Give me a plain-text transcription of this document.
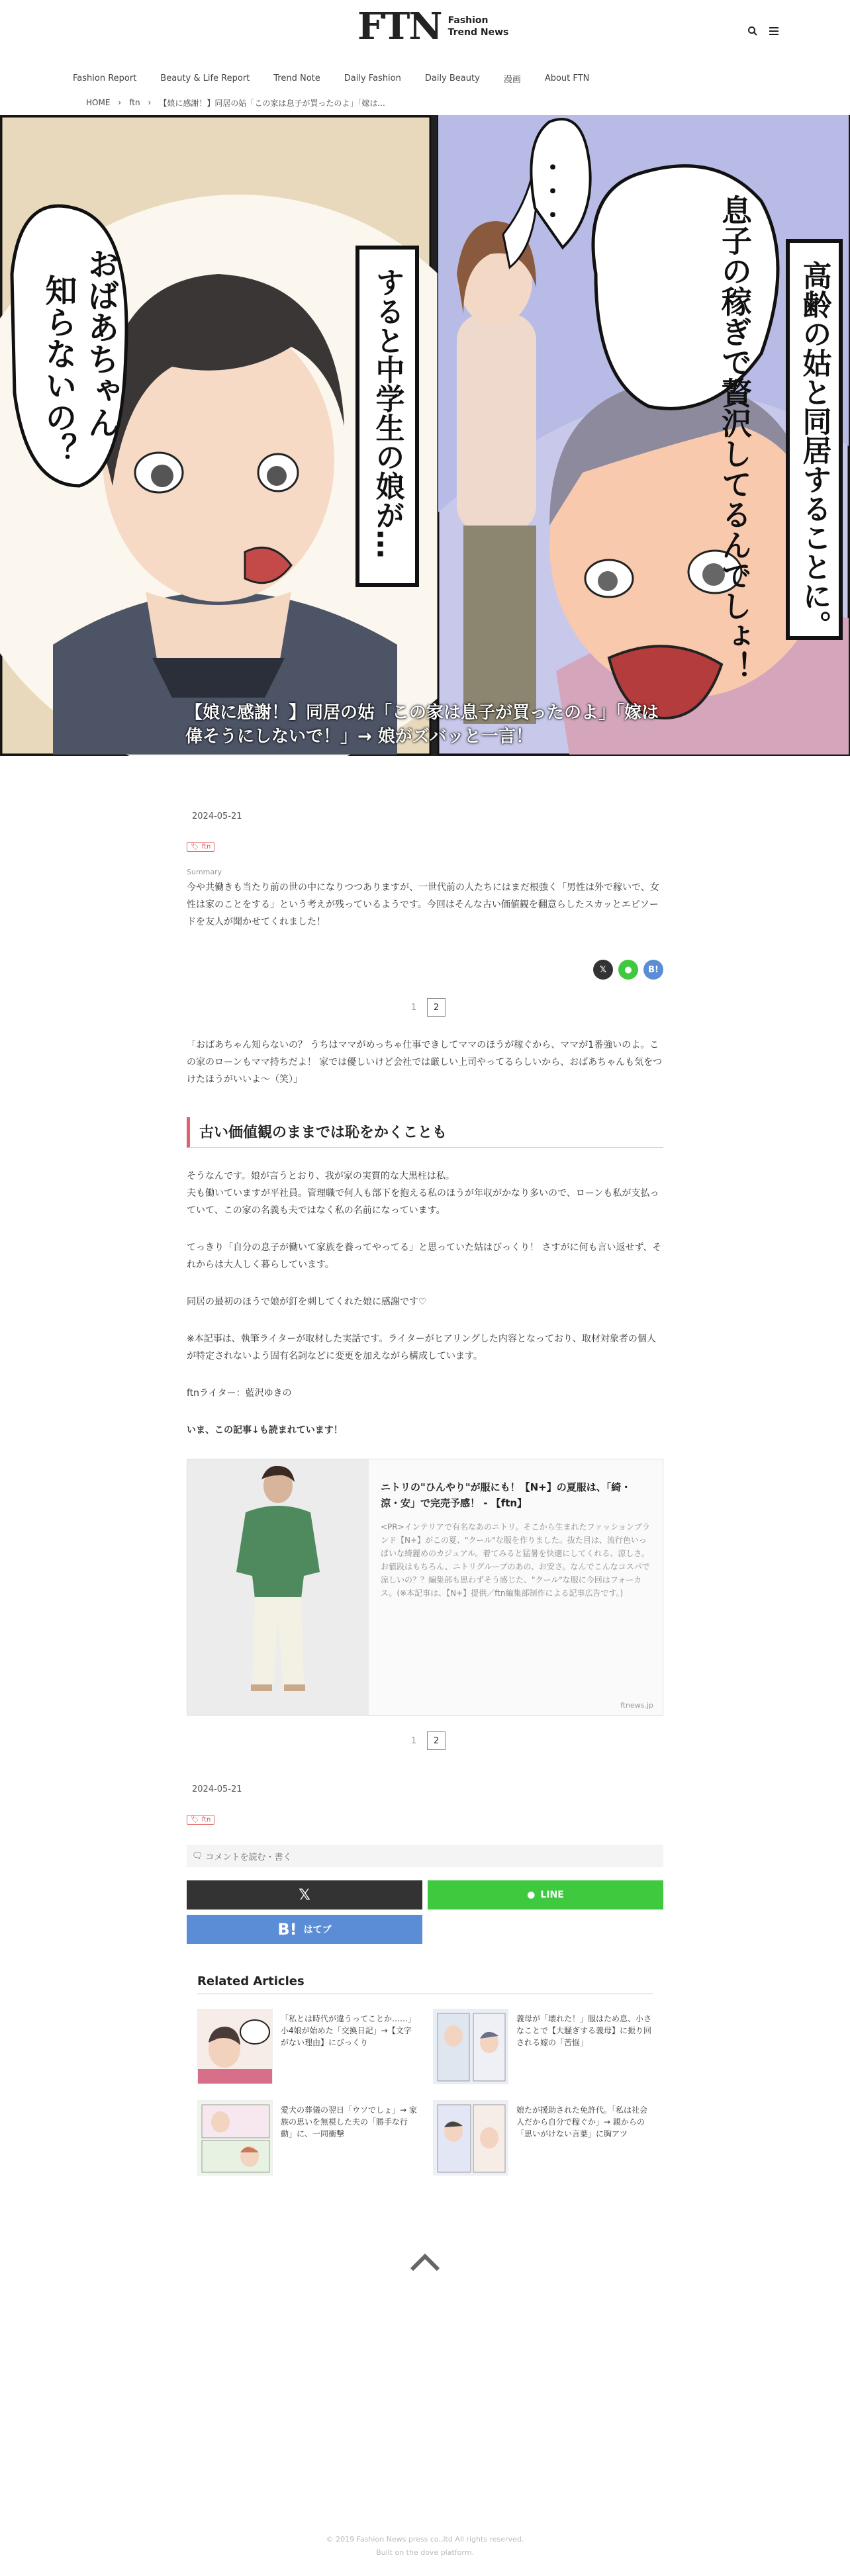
FTN Fashion
Trend News
Fashion Report	Beauty & Life Report	Trend Note	Daily Fashion	Daily Beauty	漫画	About FTN
HOME › ftn › 【娘に感謝！】同居の姑「この家は息子が買ったのよ」「嫁は...
おばあちゃん
知らないの？	すると中学生の娘が…
・・・
息子の稼ぎで贅沢してるんでしょ！ 高齢の姑と同居することに。
【娘に感謝！】同居の姑「この家は息子が買ったのよ」「嫁は偉そうにしないで！」→ 娘がズバッと一言！
2024-05-21
🏷 ftn
Summary

今や共働きも当たり前の世の中になりつつありますが、一世代前の人たちにはまだ根強く「男性は外で稼いで、女性は家のことをする」という考えが残っているようです。今回はそんな古い価値観を翻意らしたスカッとエピソードを友人が聞かせてくれました！

𝕏	●	B!
1	2

「おばあちゃん知らないの？ うちはママがめっちゃ仕事できしてママのほうが稼ぐから、ママが1番強いのよ。この家のローンもママ持ちだよ！ 家では優しいけど会社では厳しい上司やってるらしいから、おばあちゃんも気をつけたほうがいいよ〜（笑）」

古い価値観のままでは恥をかくことも

そうなんです。娘が言うとおり、我が家の実質的な大黒柱は私。
夫も働いていますが平社員。管理職で何人も部下を抱える私のほうが年収がかなり多いので、ローンも私が支払っていて、この家の名義も夫ではなく私の名前になっています。

てっきり「自分の息子が働いて家族を養ってやってる」と思っていた姑はびっくり！ さすがに何も言い返せず、それからは大人しく暮らしています。

同居の最初のほうで娘が釘を刺してくれた娘に感謝です♡

※本記事は、執筆ライターが取材した実話です。ライターがヒアリングした内容となっており、取材対象者の個人が特定されないよう固有名詞などに変更を加えながら構成しています。

ftnライター：藍沢ゆきの

いま、この記事↓も読まれています！

ニトリの"ひんやり"が服にも！【N+】の夏服は、「綺・涼・安」で完売予感！ - 【ftn】
<PR>インテリアで有名なあのニトリ。そこから生まれたファッションブランド【N+】がこの夏、"クール"な服を作りました。抜た目は、流行色いっぱいな綺麗めのカジュアル。着てみると猛暑を快適にしてくれる、涼しさ。お値段はもちろん、ニトリグループのあの、お安さ。なんでこんなコスパで涼しいの？？編集部も思わずそう感じた、"クール"な服に今回はフォーカス。(※本記事は、【N+】提供／ftn編集部制作による記事広告です。)
ftnews.jp
1	2
2024-05-21
🏷 ftn
🗨 コメントを読む・書く
𝕏	● LINE
B! はてブ
Related Articles
「私とは時代が違うってことか……」小4娘が始めた「交換日記」→【文字がない理由】にびっくり
義母が「壊れた！」服はため息、小さなことで【大騒ぎする義母】に振り回される嫁の「苦悩」
愛犬の葬儀の翌日「ウソでしょ」→ 家族の思いを無視した夫の「勝手な行動」に、一同衝撃
娘たが援助された免許代。「私は社会人だから自分で稼ぐか」→ 親からの「思いがけない言葉」に胸アツ
© 2019 Fashion News press co.,ltd All rights reserved.
Built on the dove platform.
